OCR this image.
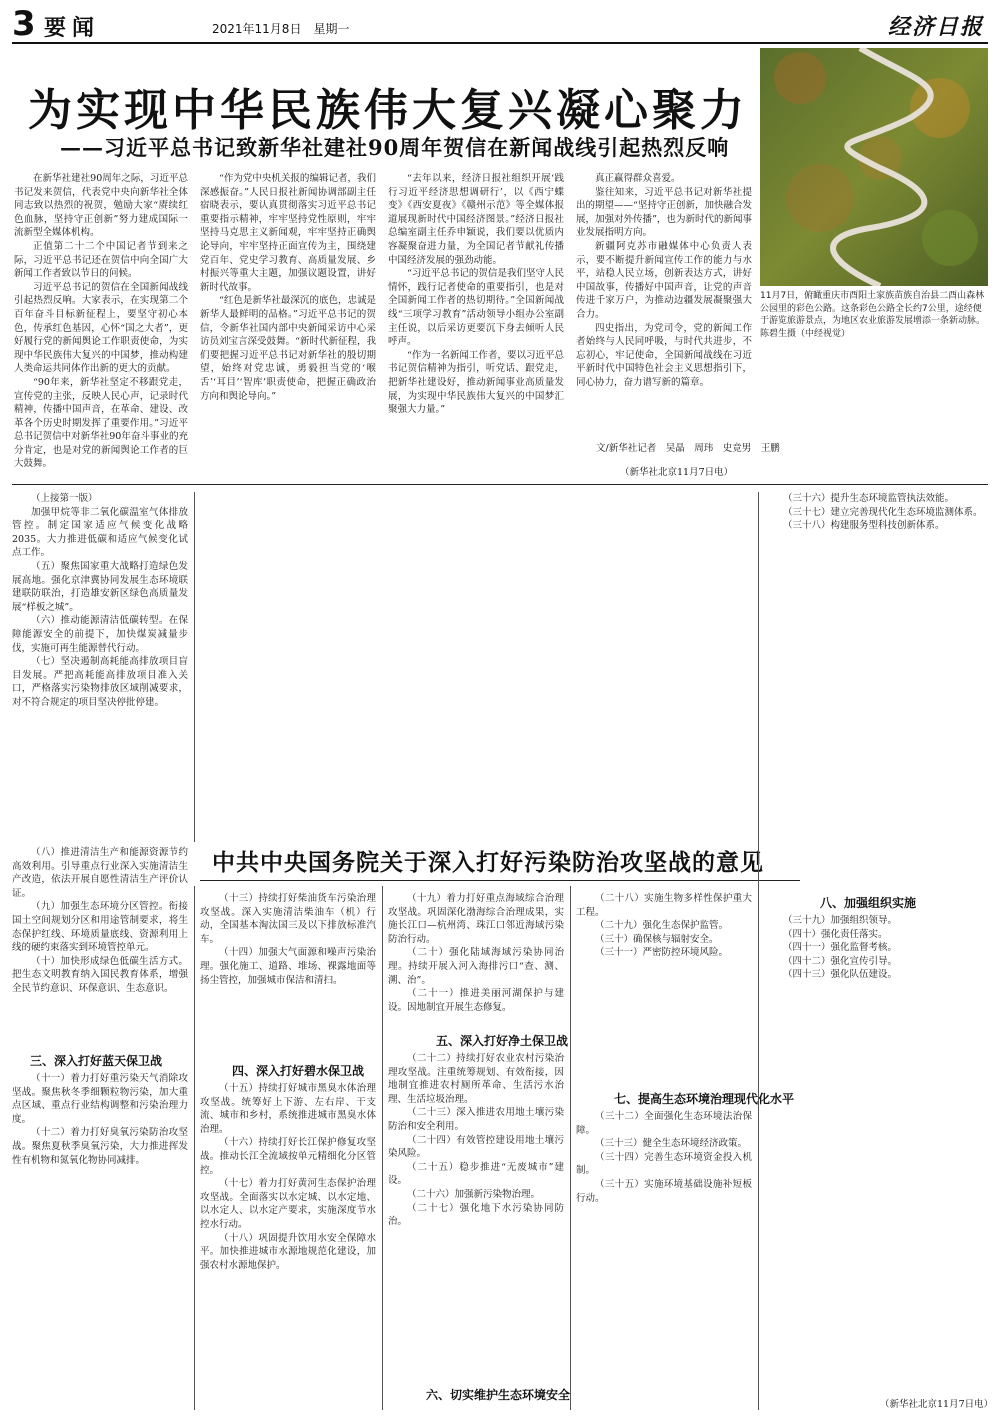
3 要闻	2021年11月8日　星期一	经济日报
为实现中华民族伟大复兴凝心聚力
——习近平总书记致新华社建社90周年贺信在新闻战线引起热烈反响
11月7日，俯瞰重庆市酉阳土家族苗族自治县二酉山森林公园里的彩色公路。这条彩色公路全长约7公里，途经便于游览旅游景点，为地区农业旅游发展增添一条新动脉。　陈碧生摄（中经视觉）

在新华社建社90周年之际，习近平总书记发来贺信，代表党中央向新华社全体同志致以热烈的祝贺，勉励大家“赓续红色血脉，坚持守正创新”努力建成国际一流新型全媒体机构。

正值第二十二个中国记者节到来之际，习近平总书记还在贺信中向全国广大新闻工作者致以节日的问候。

习近平总书记的贺信在全国新闻战线引起热烈反响。大家表示，在实现第二个百年奋斗目标新征程上，要坚守初心本色，传承红色基因，心怀“国之大者”，更好履行党的新闻舆论工作职责使命，为实现中华民族伟大复兴的中国梦，推动构建人类命运共同体作出新的更大的贡献。

“90年来，新华社坚定不移跟党走，宣传党的主张，反映人民心声，记录时代精神，传播中国声音，在革命、建设、改革各个历史时期发挥了重要作用。”习近平总书记贺信中对新华社90年奋斗事业的充分肯定，也是对党的新闻舆论工作者的巨大鼓舞。

“作为党中央机关报的编辑记者，我们深感振奋。”人民日报社新闻协调部副主任宿晓表示，要认真贯彻落实习近平总书记重要指示精神，牢牢坚持党性原则，牢牢坚持马克思主义新闻观，牢牢坚持正确舆论导向，牢牢坚持正面宣传为主，围绕建党百年、党史学习教育、高质量发展、乡村振兴等重大主题，加强议题设置，讲好新时代故事。

“红色是新华社最深沉的底色，忠诚是新华人最鲜明的品格。”习近平总书记的贺信，令新华社国内部中央新闻采访中心采访员刘宝言深受鼓舞。“新时代新征程，我们要把握习近平总书记对新华社的殷切期望，始终对党忠诚，勇毅担当党的‘喉舌’‘耳目’‘智库’职责使命，把握正确政治方向和舆论导向。”

“去年以来，经济日报社组织开展‘践行习近平经济思想调研行’，以《西宁蝶变》《西安夏夜》《赣州示范》等全媒体报道展现新时代中国经济图景。”经济日报社总编室副主任乔申颖说，我们要以优质内容凝聚奋进力量，为全国记者节献礼传播中国经济发展的强劲动能。

“习近平总书记的贺信是我们坚守人民情怀，践行记者使命的重要指引，也是对全国新闻工作者的热切期待。”全国新闻战线“三项学习教育”活动领导小组办公室副主任说，以后采访更要沉下身去倾听人民呼声。

“作为一名新闻工作者，要以习近平总书记贺信精神为指引，听党话、跟党走，把新华社建设好，推动新闻事业高质量发展，为实现中华民族伟大复兴的中国梦汇聚强大力量。”

真正赢得群众喜爱。

鉴往知来，习近平总书记对新华社提出的期望——“坚持守正创新，加快融合发展，加强对外传播”，也为新时代的新闻事业发展指明方向。

新疆阿克苏市融媒体中心负责人表示，要不断提升新闻宣传工作的能力与水平，站稳人民立场，创新表达方式，讲好中国故事，传播好中国声音，让党的声音传进千家万户，为推动边疆发展凝聚强大合力。

四史指出，为党司令，党的新闻工作者始终与人民同呼吸，与时代共进步，不忘初心，牢记使命，全国新闻战线在习近平新时代中国特色社会主义思想指引下，同心协力，奋力谱写新的篇章。

文/新华社记者　吴晶　周玮　史竞男　王鹏
（新华社北京11月7日电）

（上接第一版）

加强甲烷等非二氧化碳温室气体排放管控。制定国家适应气候变化战略2035。大力推进低碳和适应气候变化试点工作。

（五）聚焦国家重大战略打造绿色发展高地。强化京津冀协同发展生态环境联建联防联治，打造雄安新区绿色高质量发展“样板之城”。

（六）推动能源清洁低碳转型。在保障能源安全的前提下，加快煤炭减量步伐，实施可再生能源替代行动。

（七）坚决遏制高耗能高排放项目盲目发展。严把高耗能高排放项目准入关口，严格落实污染物排放区域削减要求，对不符合规定的项目坚决停批停建。

中共中央国务院关于深入打好污染防治攻坚战的意见

（八）推进清洁生产和能源资源节约高效利用。引导重点行业深入实施清洁生产改造，依法开展自愿性清洁生产评价认证。

（九）加强生态环境分区管控。衔接国土空间规划分区和用途管制要求，将生态保护红线、环境质量底线、资源利用上线的硬约束落实到环境管控单元。

（十）加快形成绿色低碳生活方式。把生态文明教育纳入国民教育体系，增强全民节约意识、环保意识、生态意识。

三、深入打好蓝天保卫战

（十一）着力打好重污染天气消除攻坚战。聚焦秋冬季细颗粒物污染，加大重点区域、重点行业结构调整和污染治理力度。

（十二）着力打好臭氧污染防治攻坚战。聚焦夏秋季臭氧污染，大力推进挥发性有机物和氮氧化物协同减排。

（十三）持续打好柴油货车污染治理攻坚战。深入实施清洁柴油车（机）行动，全国基本淘汰国三及以下排放标准汽车。

（十四）加强大气面源和噪声污染治理。强化施工、道路、堆场、裸露地面等扬尘管控，加强城市保洁和清扫。

四、深入打好碧水保卫战

（十五）持续打好城市黑臭水体治理攻坚战。统筹好上下游、左右岸、干支流、城市和乡村，系统推进城市黑臭水体治理。

（十六）持续打好长江保护修复攻坚战。推动长江全流域按单元精细化分区管控。

（十七）着力打好黄河生态保护治理攻坚战。全面落实以水定城、以水定地、以水定人、以水定产要求，实施深度节水控水行动。

（十八）巩固提升饮用水安全保障水平。加快推进城市水源地规范化建设，加强农村水源地保护。

（十九）着力打好重点海域综合治理攻坚战。巩固深化渤海综合治理成果，实施长江口—杭州湾、珠江口邻近海域污染防治行动。

（二十）强化陆域海域污染协同治理。持续开展入河入海排污口“查、测、溯、治”。

（二十一）推进美丽河湖保护与建设。因地制宜开展生态修复。

五、深入打好净土保卫战

（二十二）持续打好农业农村污染治理攻坚战。注重统筹规划、有效衔接，因地制宜推进农村厕所革命、生活污水治理、生活垃圾治理。

（二十三）深入推进农用地土壤污染防治和安全利用。

（二十四）有效管控建设用地土壤污染风险。

（二十五）稳步推进“无废城市”建设。

（二十六）加强新污染物治理。

（二十七）强化地下水污染协同防治。

六、切实维护生态环境安全

（二十八）实施生物多样性保护重大工程。

（二十九）强化生态保护监管。

（三十）确保核与辐射安全。

（三十一）严密防控环境风险。

七、提高生态环境治理现代化水平

（三十二）全面强化生态环境法治保障。

（三十三）健全生态环境经济政策。

（三十四）完善生态环境资金投入机制。

（三十五）实施环境基础设施补短板行动。

（三十六）提升生态环境监管执法效能。

（三十七）建立完善现代化生态环境监测体系。

（三十八）构建服务型科技创新体系。

八、加强组织实施

（三十九）加强组织领导。

（四十）强化责任落实。

（四十一）强化监督考核。

（四十二）强化宣传引导。

（四十三）强化队伍建设。

（新华社北京11月7日电）
